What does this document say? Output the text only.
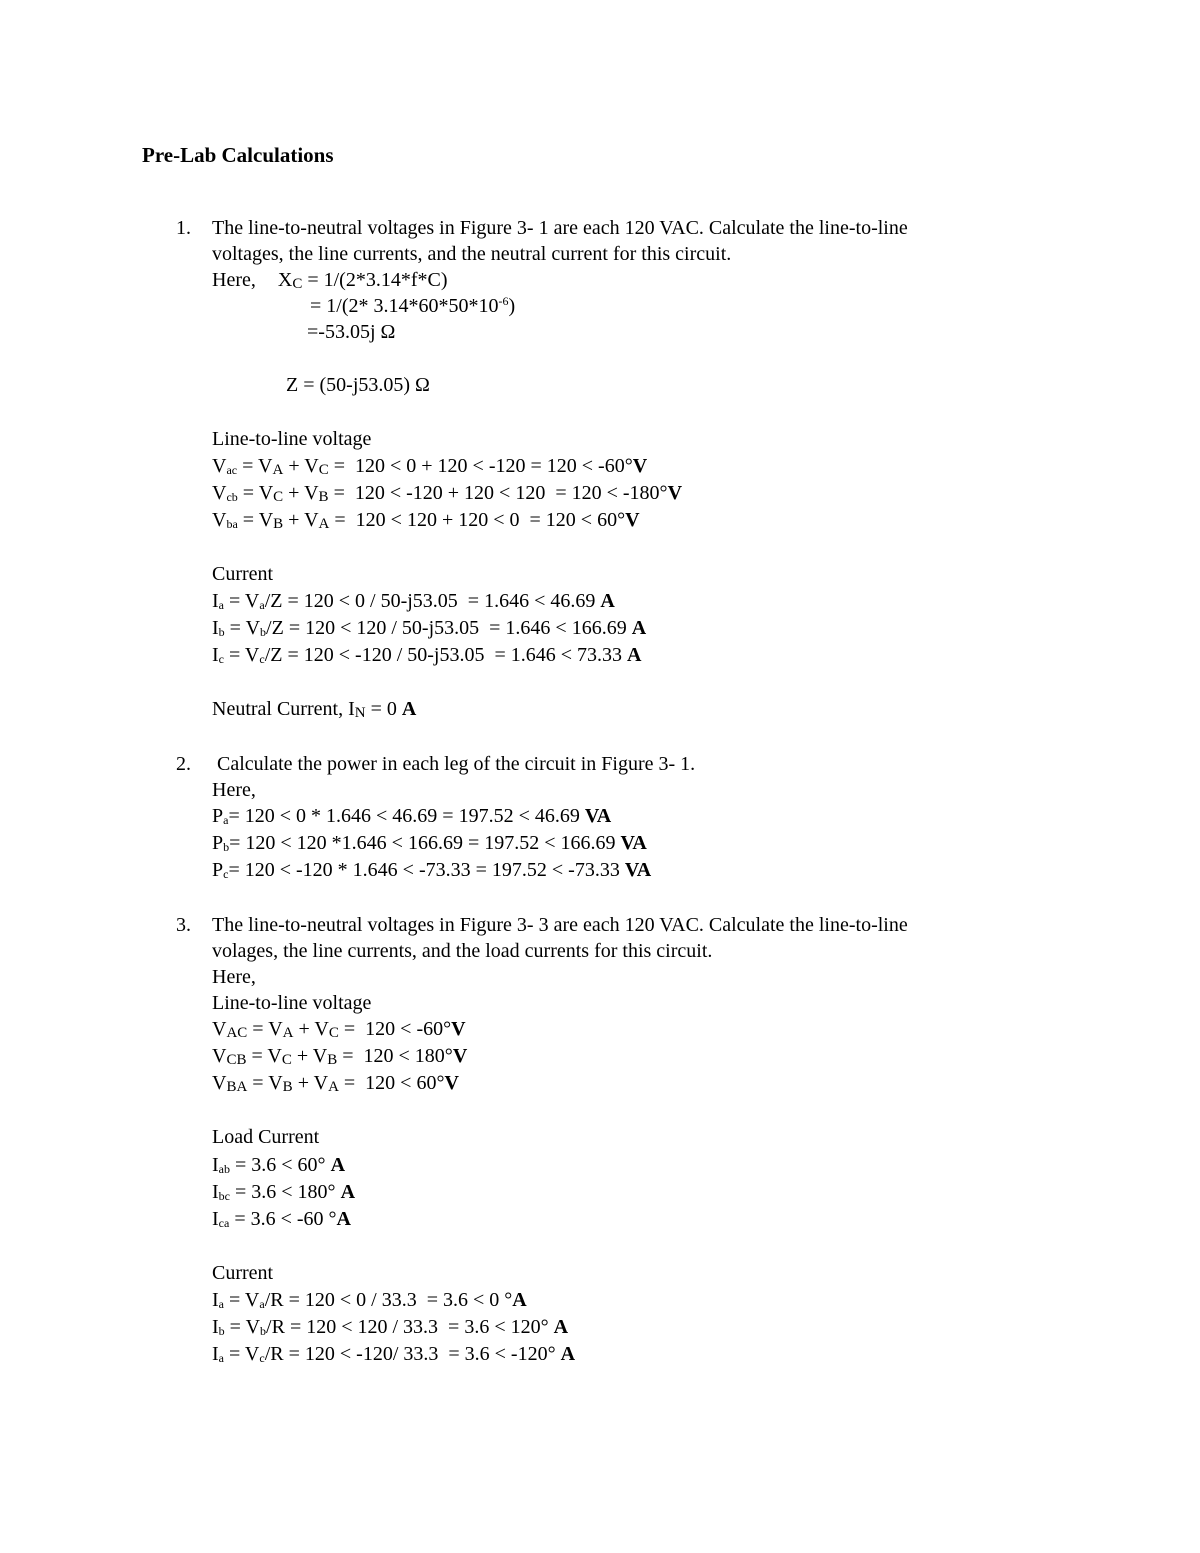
Pre-Lab Calculations
1. The line-to-neutral voltages in Figure 3- 1 are each 120 VAC. Calculate the line-to-line
voltages, the line currents, and the neutral current for this circuit.
Here, $X_C = 1/(2*3.14*f*C)$
= 1/(2* $3.14*60*50*10^{-6}$)
=-53.05j Ω
Z = (50-j53.05) Ω
Line-to-line voltage
$V_{ac} = V_A + V_C = 120 < 0 + 120 < -120 = 120 < -60^\circ V$
$V_{cb} = V_C + V_B = 120 < -120 + 120 < 120 = 120 < -180^\circ V$
$V_{ba} = V_B + V_A = 120 < 120 + 120 < 0 = 120 < 60^\circ V$
Current
$I_a = V_a/Z = 120 < 0 / 50-j53.05 = 1.646 < 46.69$ A
$I_b = V_b/Z = 120 < 120 / 50-j53.05 = 1.646 < 166.69$ A
$I_c = V_c/Z = 120 < -120 / 50-j53.05 = 1.646 < 73.33$ A
Neutral Current, $I_N = 0$ A
2. Calculate the power in each leg of the circuit in Figure 3- 1.
Here,
$P_a= 120 < 0 * 1.646 < 46.69 = 197.52 < 46.69$ VA
$P_b= 120 < 120$ *1.646 < 166.69 = 197.52 < 166.69 VA
$P_c= 120 < -120 * 1.646 < -73.33 = 197.52 < -73.33$ VA
3. The line-to-neutral voltages in Figure 3- 3 are each 120 VAC. Calculate the line-to-line
volages, the line currents, and the load currents for this circuit.
Here,
Line-to-line voltage
$V_{AC} = V_A + V_C = 120 < -60^\circ V$
$V_{CB} = V_C + V_B = 120 < 180^\circ V$
$V_{BA} = V_B + V_A = 120 < 60^\circ V$
Load Current
$I_{ab} = 3.6 < 60^\circ$ A
$I_{bc} = 3.6 < 180^\circ$ A
$I_{ca} = 3.6 < -60$ °A
Current
$I_a = V_a/R = 120 < 0 / 33.3 = 3.6 < 0$ °A
$I_b = V_b/R = 120 < 120 / 33.3 = 3.6 < 120^\circ$ A
$I_a = V_c/R = 120 < -120/$ 33.3  = 3.6 < -120° A
